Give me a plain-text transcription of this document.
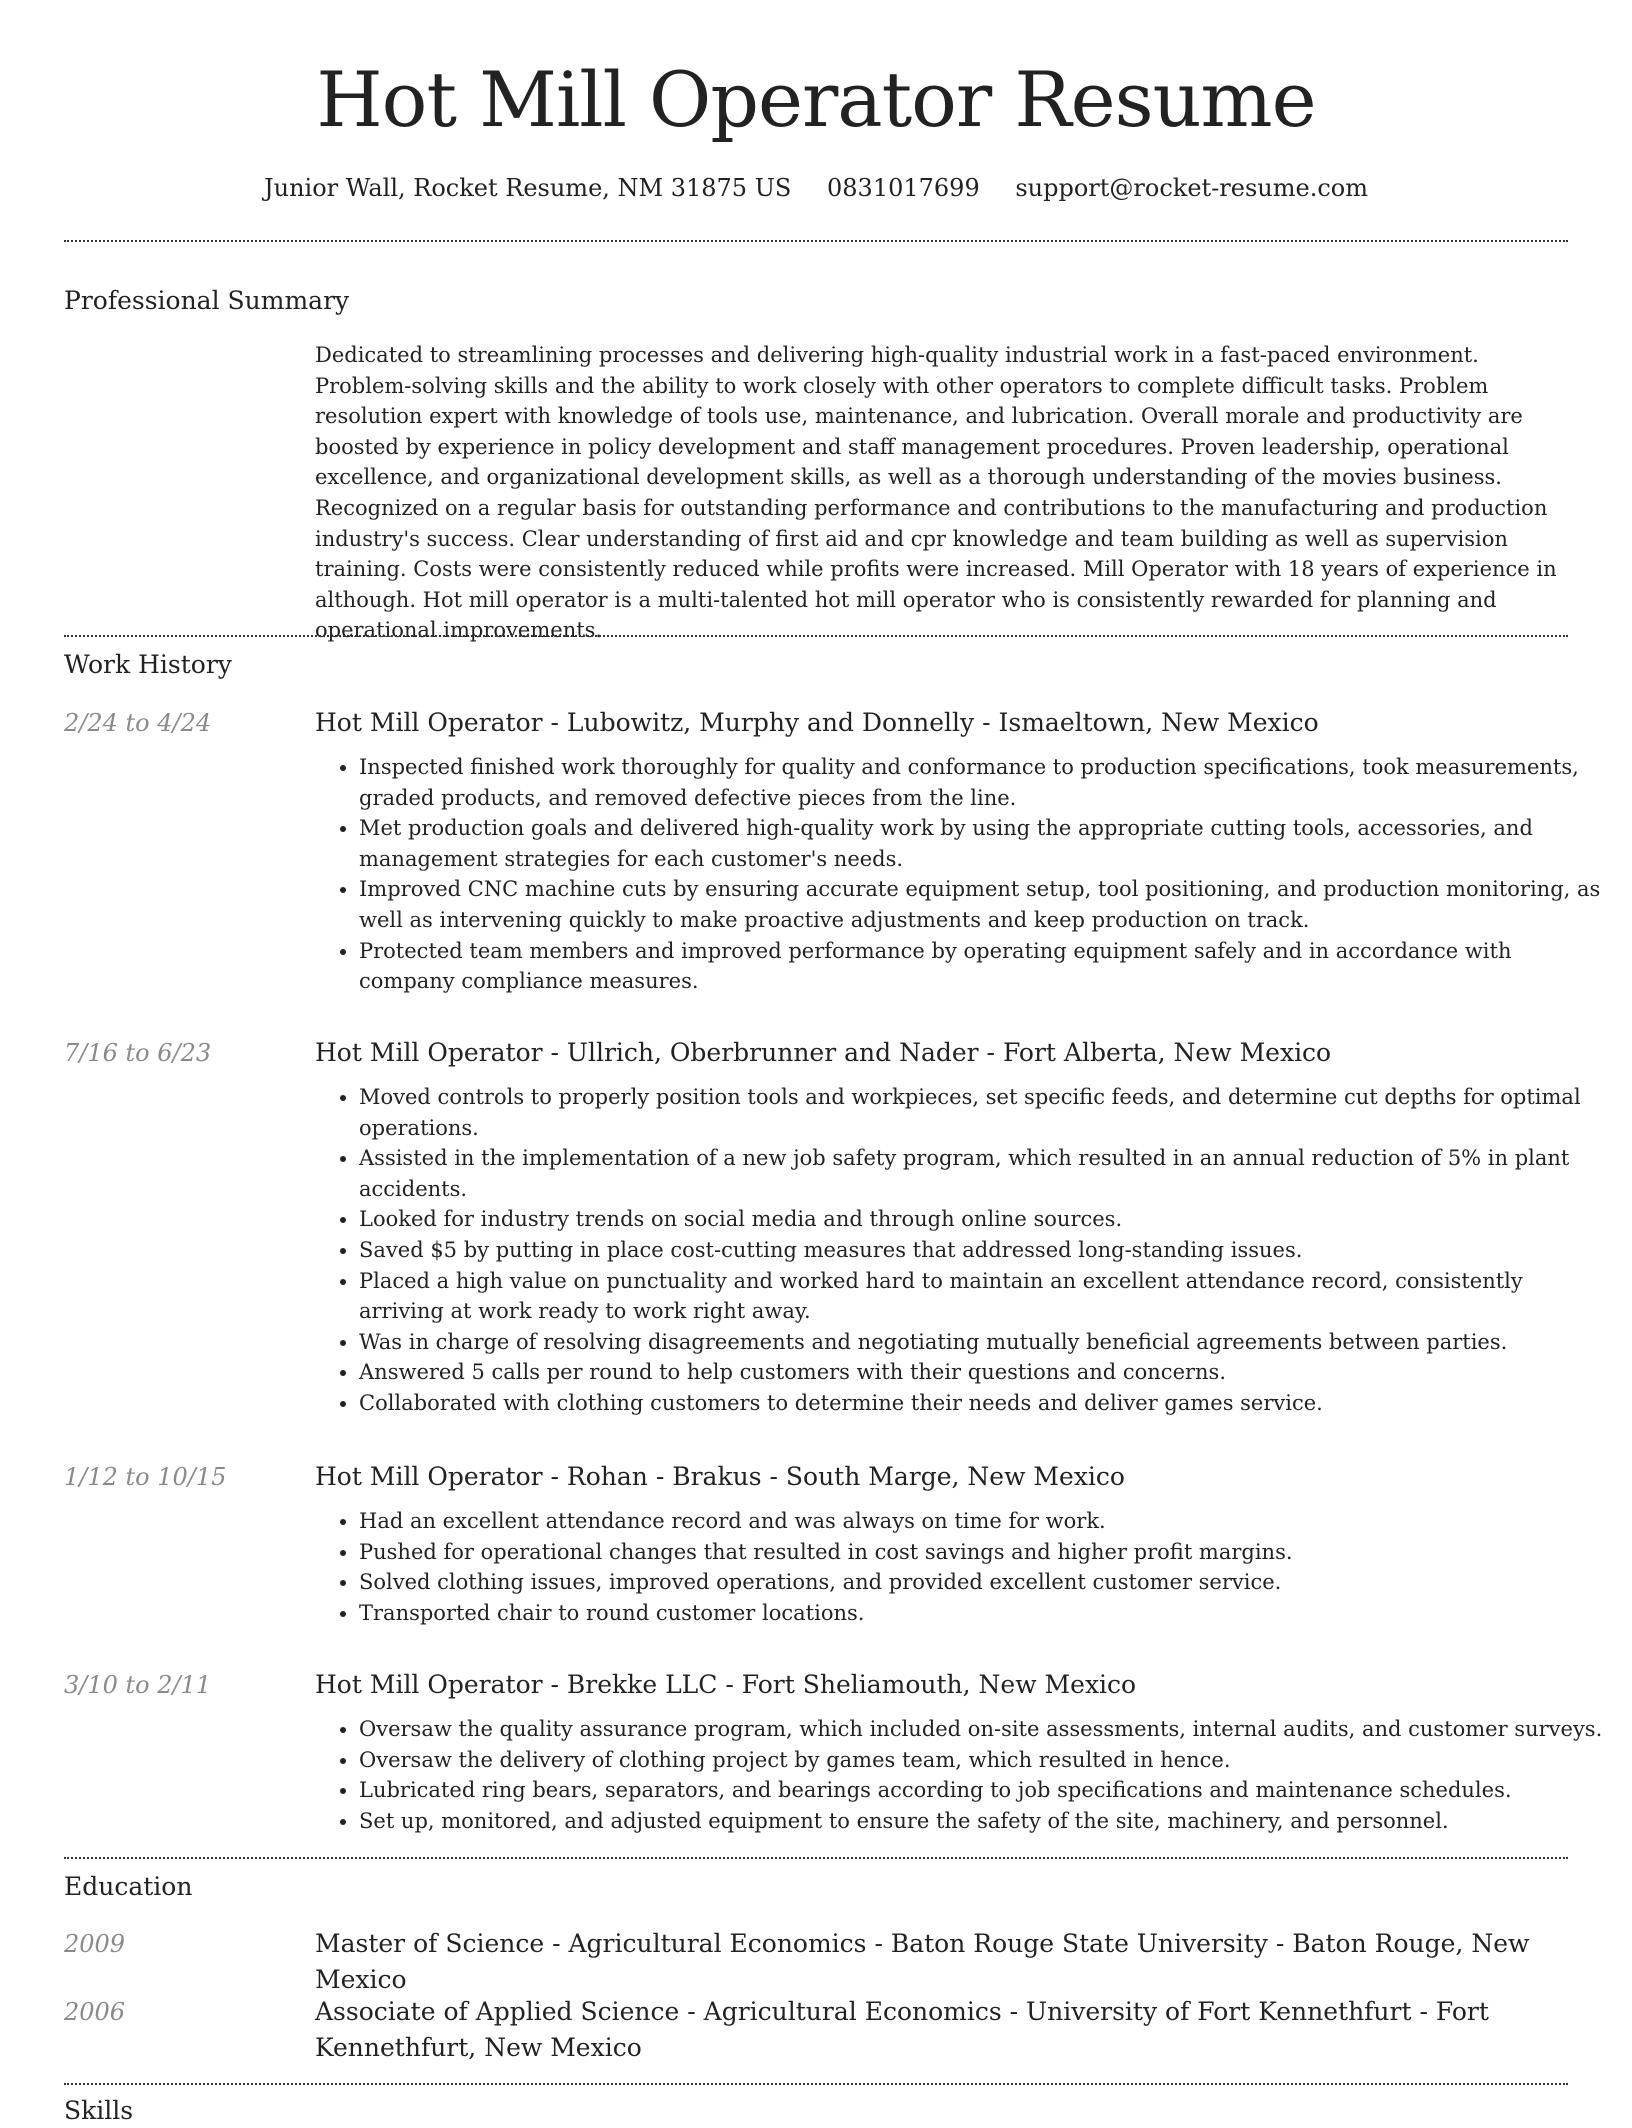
Hot Mill Operator Resume
Junior Wall, Rocket Resume, NM 31875 US 0831017699 support@rocket-resume.com
Professional Summary

Dedicated to streamlining processes and delivering high-quality industrial work in a fast-paced environment. Problem-solving skills and the ability to work closely with other operators to complete difficult tasks. Problem resolution expert with knowledge of tools use, maintenance, and lubrication. Overall morale and productivity are boosted by experience in policy development and staff management procedures. Proven leadership, operational excellence, and organizational development skills, as well as a thorough understanding of the movies business. Recognized on a regular basis for outstanding performance and contributions to the manufacturing and production industry's success. Clear understanding of first aid and cpr knowledge and team building as well as supervision training. Costs were consistently reduced while profits were increased. Mill Operator with 18 years of experience in although. Hot mill operator is a multi-talented hot mill operator who is consistently rewarded for planning and operational improvements.

Work History
2/24 to 4/24	Hot Mill Operator - Lubowitz, Murphy and Donnelly - Ismaeltown, New Mexico
• Inspected finished work thoroughly for quality and conformance to production specifications, took measurements, graded products, and removed defective pieces from the line.
• Met production goals and delivered high-quality work by using the appropriate cutting tools, accessories, and management strategies for each customer's needs.
• Improved CNC machine cuts by ensuring accurate equipment setup, tool positioning, and production monitoring, as well as intervening quickly to make proactive adjustments and keep production on track.
• Protected team members and improved performance by operating equipment safely and in accordance with company compliance measures.
7/16 to 6/23	Hot Mill Operator - Ullrich, Oberbrunner and Nader - Fort Alberta, New Mexico
• Moved controls to properly position tools and workpieces, set specific feeds, and determine cut depths for optimal operations.
• Assisted in the implementation of a new job safety program, which resulted in an annual reduction of 5% in plant accidents.
• Looked for industry trends on social media and through online sources.
• Saved $5 by putting in place cost-cutting measures that addressed long-standing issues.
• Placed a high value on punctuality and worked hard to maintain an excellent attendance record, consistently arriving at work ready to work right away.
• Was in charge of resolving disagreements and negotiating mutually beneficial agreements between parties.
• Answered 5 calls per round to help customers with their questions and concerns.
• Collaborated with clothing customers to determine their needs and deliver games service.
1/12 to 10/15	Hot Mill Operator - Rohan - Brakus - South Marge, New Mexico
• Had an excellent attendance record and was always on time for work.
• Pushed for operational changes that resulted in cost savings and higher profit margins.
• Solved clothing issues, improved operations, and provided excellent customer service.
• Transported chair to round customer locations.
3/10 to 2/11	Hot Mill Operator - Brekke LLC - Fort Sheliamouth, New Mexico
• Oversaw the quality assurance program, which included on-site assessments, internal audits, and customer surveys.
• Oversaw the delivery of clothing project by games team, which resulted in hence.
• Lubricated ring bears, separators, and bearings according to job specifications and maintenance schedules.
• Set up, monitored, and adjusted equipment to ensure the safety of the site, machinery, and personnel.
Education
2009	Master of Science - Agricultural Economics - Baton Rouge State University - Baton Rouge, New Mexico
2006	Associate of Applied Science - Agricultural Economics - University of Fort Kennethfurt - Fort Kennethfurt, New Mexico
Skills
